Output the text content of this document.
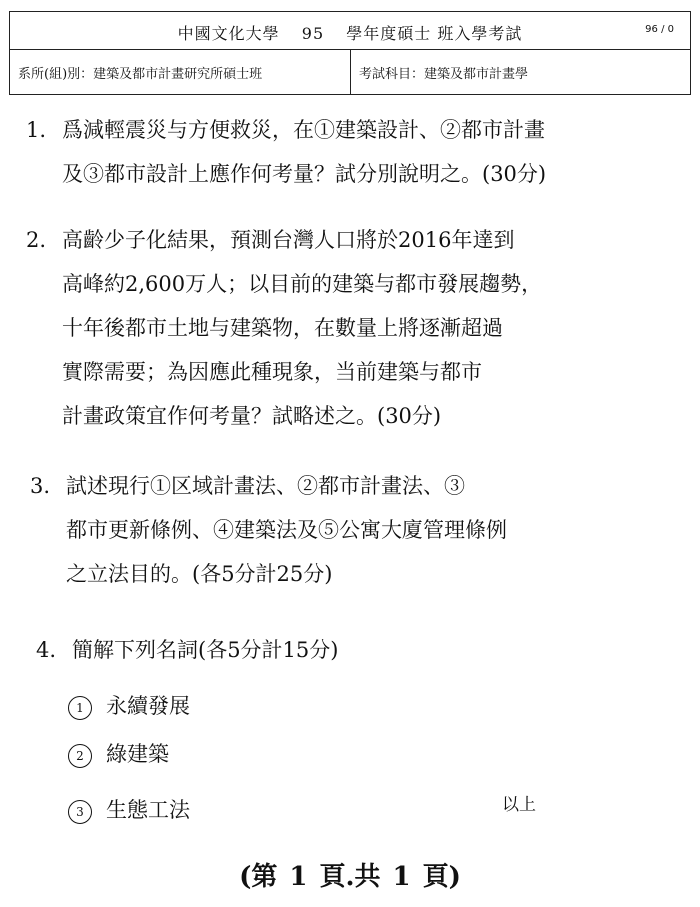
中國文化大學 95 學年度碩士 班入學考試	96 / 0
系所(組)別：建築及都市計畫研究所碩士班	考試科目：建築及都市計畫學
1. 爲減輕震災与方便救災，在①建築設計、②都市計畫
及③都市設計上應作何考量？試分別說明之。(30分)
2. 高齡少子化結果，預測台灣人口將於2016年達到
高峰約2,600万人；以目前的建築与都市發展趨勢，
十年後都市土地与建築物，在數量上將逐漸超過
實際需要；為因應此種現象，当前建築与都市
計畫政策宜作何考量？試略述之。(30分)
3. 試述現行①区域計畫法、②都市計畫法、③
都市更新條例、④建築法及⑤公寓大廈管理條例
之立法目的。(各5分計25分)
4. 簡解下列名詞(各5分計15分)
1 永續發展
2 綠建築
3 生態工法	以上
(第 1 頁.共 1 頁)
